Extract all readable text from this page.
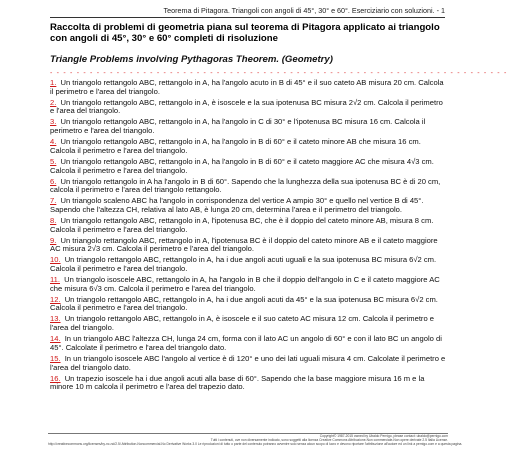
Teorema di Pitagora. Triangoli con angoli di 45°, 30° e 60°. Eserciziario con soluzioni. - 1
Raccolta di problemi di geometria piana sul teorema di Pitagora applicato ai triangolo con angoli di 45°, 30° e 60° completi di risoluzione
Triangle Problems involving Pythagoras Theorem. (Geometry)
- - - - - - - - - - - - - - - - - - - - - - - - - - - - - - - - - - - - - - - - - - - - - - - - - - - - - - - - - - - - - - - - - - - - -
1. Un triangolo rettangolo ABC, rettangolo in A, ha l'angolo acuto in B di 45° e il suo cateto AB misura 20 cm. Calcola il perimetro e l'area del triangolo.
2. Un triangolo rettangolo ABC, rettangolo in A, è isoscele e la sua ipotenusa BC misura 2√2 cm. Calcola il perimetro e l'area del triangolo.
3. Un triangolo rettangolo ABC, rettangolo in A, ha l'angolo in C di 30° e l'ipotenusa BC misura 16 cm. Calcola il perimetro e l'area del triangolo.
4. Un triangolo rettangolo ABC, rettangolo in A, ha l'angolo in B di 60° e il cateto minore AB che misura 16 cm. Calcola il perimetro e l'area del triangolo.
5. Un triangolo rettangolo ABC, rettangolo in A, ha l'angolo in B di 60° e il cateto maggiore AC che misura 4√3 cm. Calcola il perimetro e l'area del triangolo.
6. Un triangolo rettangolo in A ha l'angolo in B di 60°. Sapendo che la lunghezza della sua ipotenusa BC è di 20 cm, calcola il perimetro e l'area del triangolo rettangolo.
7. Un triangolo scaleno ABC ha l'angolo in corrispondenza del vertice A ampio 30° e quello nel vertice B di 45°. Sapendo che l'altezza CH, relativa al lato AB, è lunga 20 cm, determina l'area e il perimetro del triangolo.
8. Un triangolo rettangolo ABC, rettangolo in A, l'ipotenusa BC, che è il doppio del cateto minore AB, misura 8 cm. Calcola il perimetro e l'area del triangolo.
9. Un triangolo rettangolo ABC, rettangolo in A, l'ipotenusa BC è il doppio del cateto minore AB e il cateto maggiore AC misura 2√3 cm. Calcola il perimetro e l'area del triangolo.
10. Un triangolo rettangolo ABC, rettangolo in A, ha i due angoli acuti uguali e la sua ipotenusa BC misura 6√2 cm. Calcola il perimetro e l'area del triangolo.
11. Un triangolo isoscele ABC, rettangolo in A, ha l'angolo in B che il doppio dell'angolo in C e il cateto maggiore AC che misura 6√3 cm. Calcola il perimetro e l'area del triangolo.
12. Un triangolo rettangolo ABC, rettangolo in A, ha i due angoli acuti da 45° e la sua ipotenusa BC misura 6√2 cm. Calcola il perimetro e l'area del triangolo.
13. Un triangolo rettangolo ABC, rettangolo in A, è isoscele e il suo cateto AC misura 12 cm. Calcola il perimetro e l'area del triangolo.
14. In un triangolo ABC l'altezza CH, lunga 24 cm, forma con il lato AC un angolo di 60° e con il lato BC un angolo di 45°. Calcolate il perimetro e l'area del triangolo dato.
15. In un triangolo isoscele ABC l'angolo al vertice è di 120° e uno dei lati uguali misura 4 cm. Calcolate il perimetro e l'area del triangolo dato.
16. Un trapezio isoscele ha i due angoli acuti alla base di 60°. Sapendo che la base maggiore misura 16 m e la minore 10 m calcola il perimetro e l'area del trapezio dato.
Copyright© 1987-2015 owned by Ubaldo Pernigo, please contact: ubaldo@pernigo.com
Tutti i contenuti, ove non diversamente indicato, sono soggetti alla licenza Creative Commons Attribuzione-Non commerciale-Non opere derivate 2.5 Italia License.
http://creativecommons.org/licenses/by-nc-nd/2.5/ Attribution-Noncommercial-No Derivative Works 3.0 Le riproduzioni di tutto o parte del contenuto potranno avvenire solo senza alcun scopo di lucro e devono riportare l'attribuzione all'autore ed un link a pernigo.com e a questa pagina.
